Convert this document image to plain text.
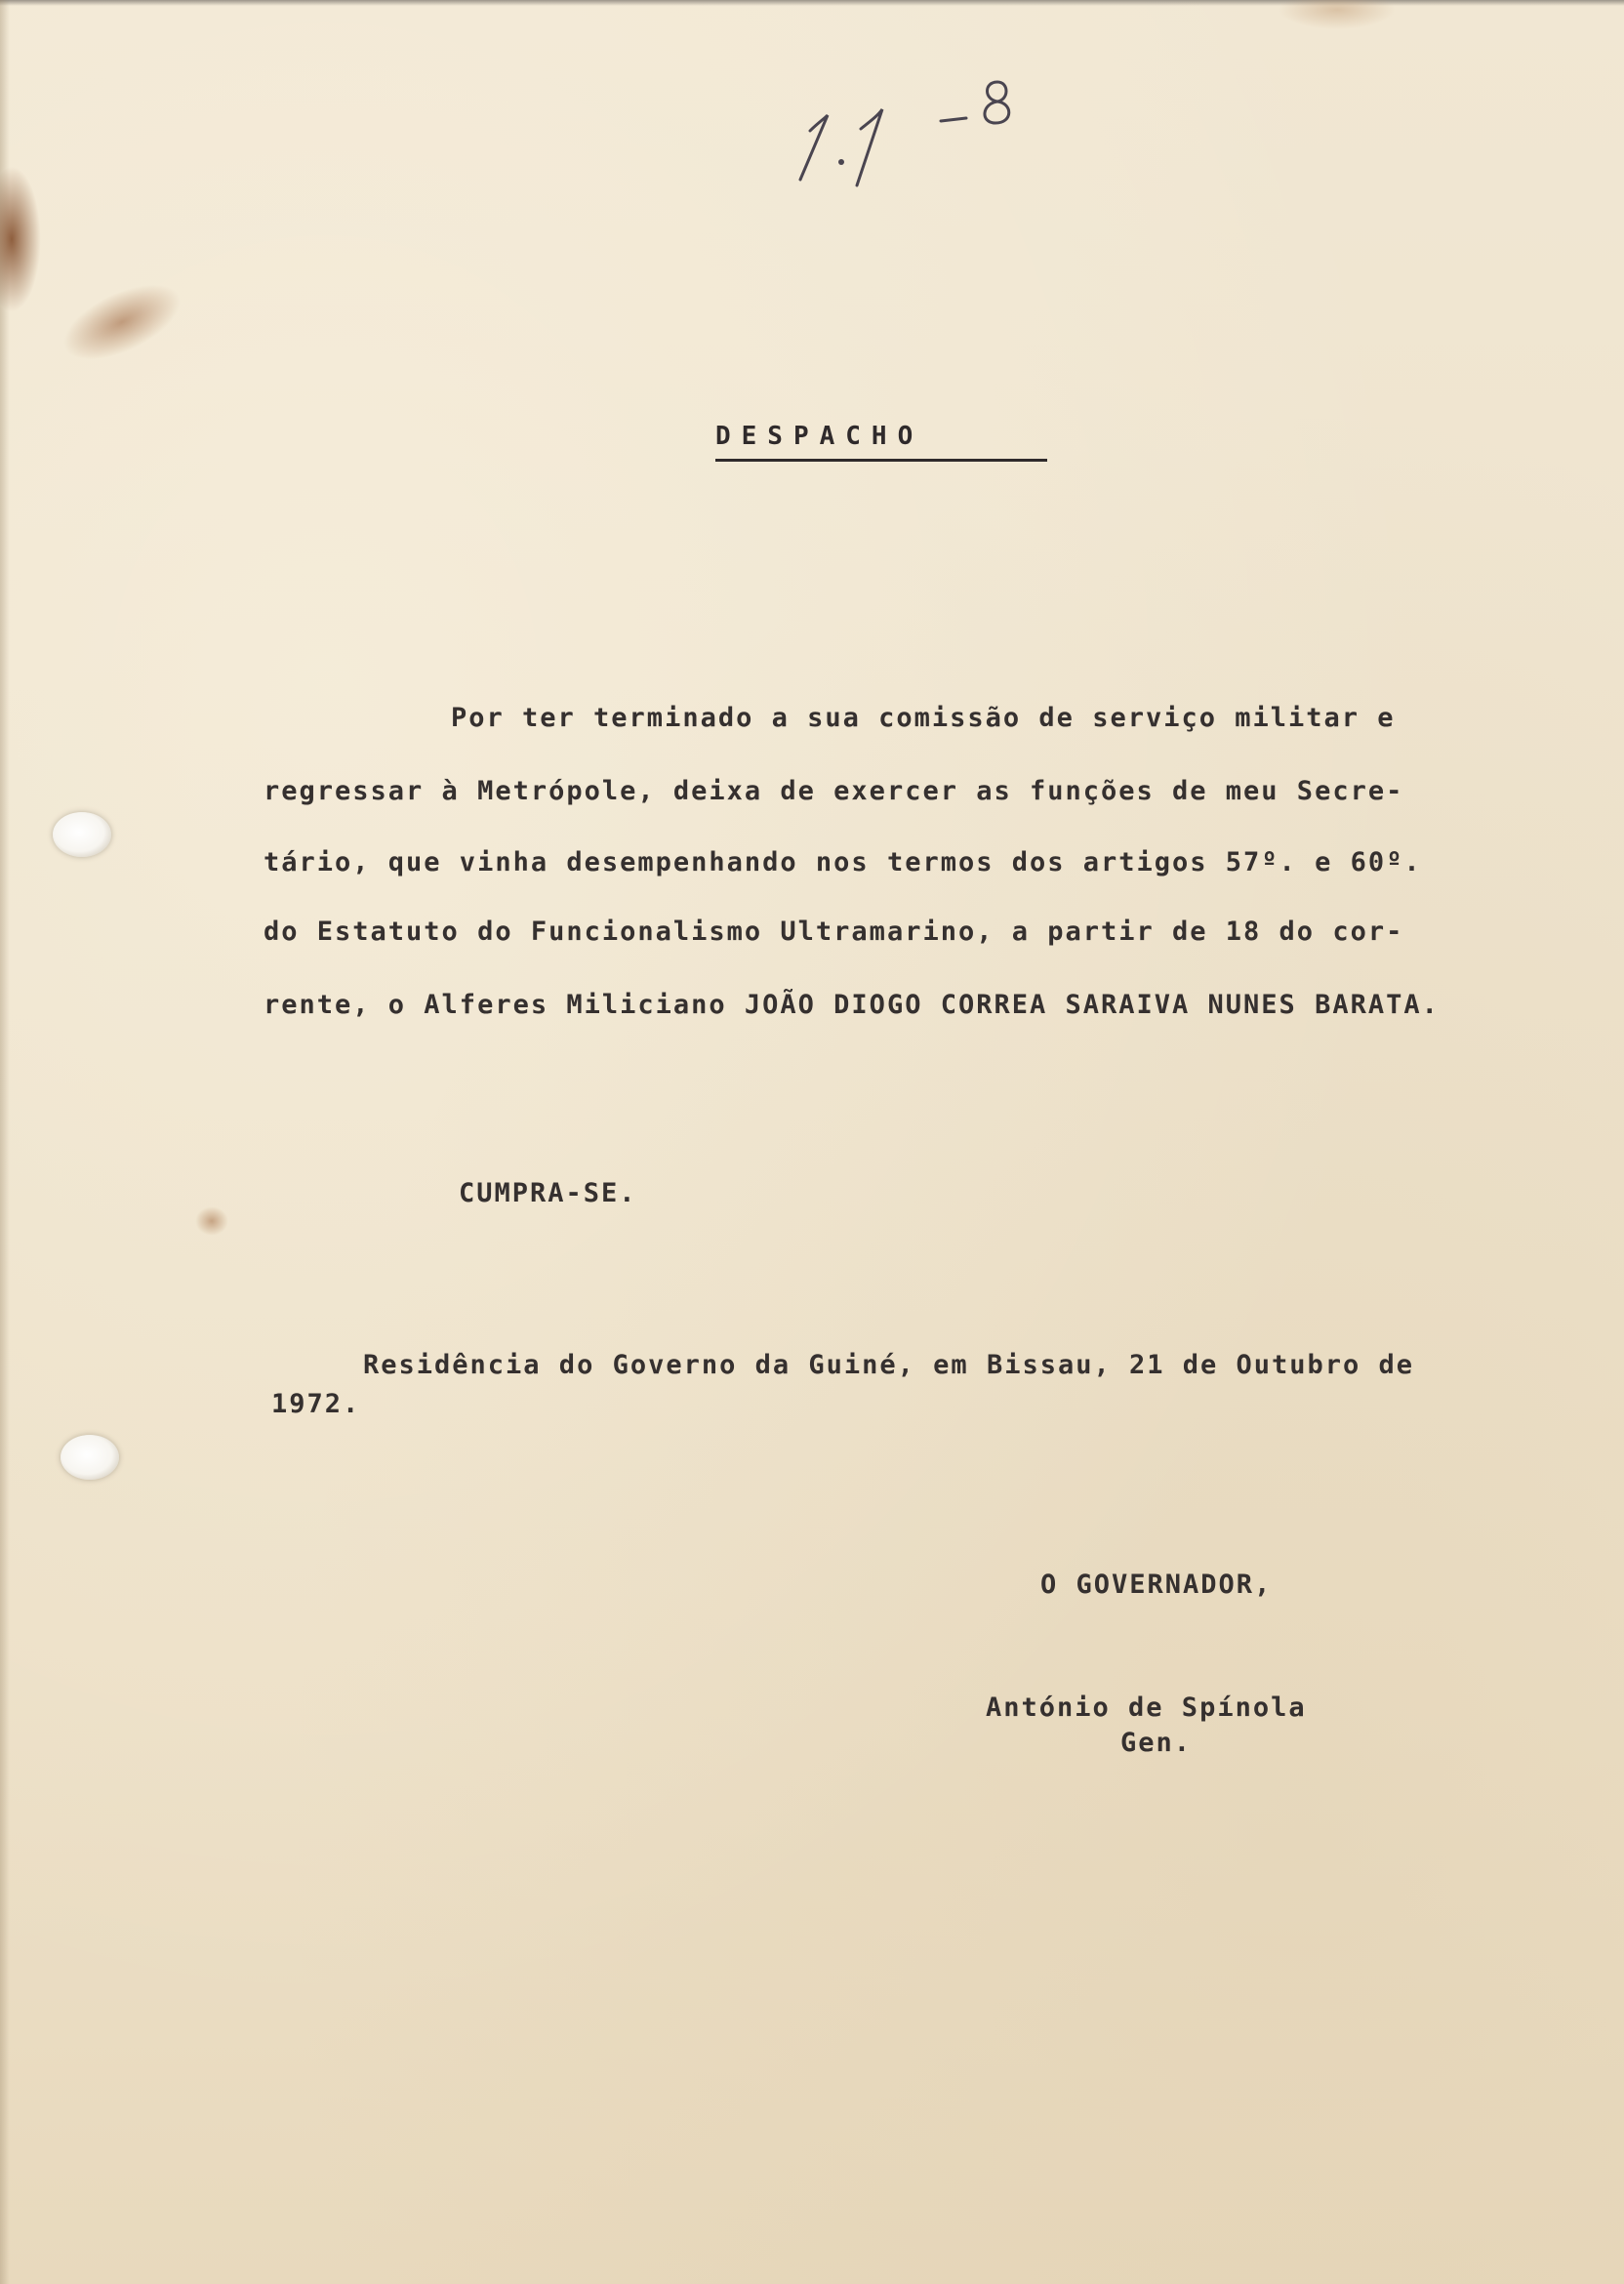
DESPACHO
Por ter terminado a sua comissão de serviço militar e
regressar à Metrópole, deixa de exercer as funções de meu Secre-
tário, que vinha desempenhando nos termos dos artigos 57º. e 60º.
do Estatuto do Funcionalismo Ultramarino, a partir de 18 do cor-
rente, o Alferes Miliciano JOÃO DIOGO CORREA SARAIVA NUNES BARATA.
CUMPRA-SE.
Residência do Governo da Guiné, em Bissau, 21 de Outubro de
1972.
O GOVERNADOR,
António de Spínola
Gen.
